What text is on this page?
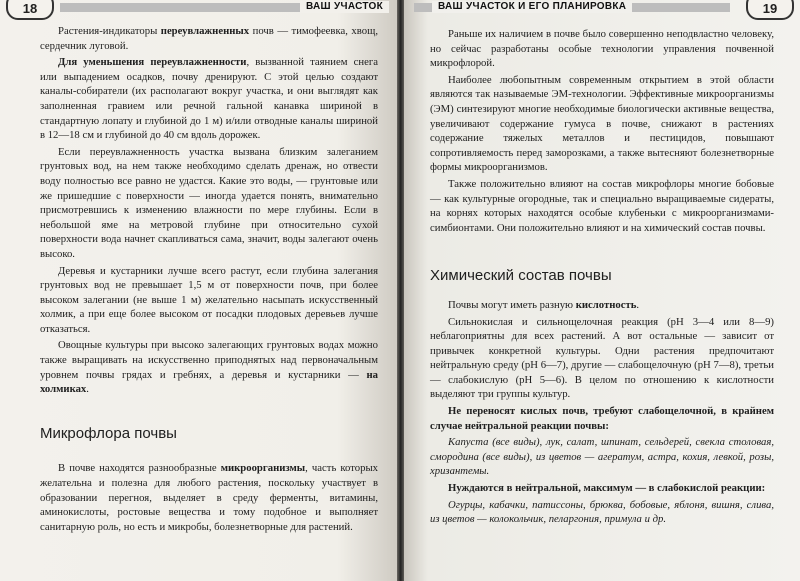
18	ВАШ УЧАСТОК

Растения-индикаторы переувлажненных почв — тимофеевка, хвощ, сердечник луговой.

Для уменьшения переувлажненности, вызванной таянием снега или выпадением осадков, почву дренируют. С этой целью создают каналы-собиратели (их располагают вокруг участка, и они выглядят как заполненная гравием или речной гальной канавка шириной в стандартную лопату и глубиной до 1 м) и/или отводные каналы шириной в 12—18 см и глубиной до 40 см вдоль дорожек.

Если переувлажненность участка вызвана близким залеганием грунтовых вод, на нем также необходимо сделать дренаж, но отвести воду полностью все равно не удастся. Какие это воды, — грунтовые или же пришедшие с поверхности — иногда удается понять, внимательно присмотревшись к изменению влажности по мере глубины. Если в небольшой яме на метровой глубине при относительно сухой поверхности вода начнет скапливаться сама, значит, воды залегают очень высоко.

Деревья и кустарники лучше всего растут, если глубина залегания грунтовых вод не превышает 1,5 м от поверхности почв, при более высоком залегании (не выше 1 м) желательно насыпать искусственный холмик, а при еще более высоком от посадки плодовых деревьев лучше отказаться.

Овощные культуры при высоко залегающих грунтовых водах можно также выращивать на искусственно приподнятых над первоначальным уровнем почвы грядах и гребнях, а деревья и кустарники — на холмиках.

Микрофлора почвы

В почве находятся разнообразные микроорганизмы, часть которых желательна и полезна для любого растения, поскольку участвует в образовании перегноя, выделяет в среду ферменты, витамины, аминокислоты, ростовые вещества и тому подобное и выполняет санитарную роль, но есть и микробы, болезнетворные для растений.

ВАШ УЧАСТОК И ЕГО ПЛАНИРОВКА	19

Раньше их наличием в почве было совершенно неподвластно человеку, но сейчас разработаны особые технологии управления почвенной микрофлорой.

Наиболее любопытным современным открытием в этой области являются так называемые ЭМ-технологии. Эффективные микроорганизмы (ЭМ) синтезируют многие необходимые биологически активные вещества, увеличивают содержание гумуса в почве, снижают в растениях содержание тяжелых металлов и пестицидов, повышают сопротивляемость перед заморозками, а также вытесняют болезнетворные формы микроорганизмов.

Также положительно влияют на состав микрофлоры многие бобовые — как культурные огородные, так и специально выращиваемые сидераты, на корнях которых находятся особые клубеньки с микроорганизмами-симбионтами. Они положительно влияют и на химический состав почвы.

Химический состав почвы

Почвы могут иметь разную кислотность.

Сильнокислая и сильнощелочная реакция (рН 3—4 или 8—9) неблагоприятны для всех растений. А вот остальные — зависит от привычек конкретной культуры. Одни растения предпочитают нейтральную среду (рН 6—7), другие — слабощелочную (рН 7—8), третьи — слабокислую (рН 5—6). В целом по отношению к кислотности выделяют три группы культур.

Не переносят кислых почв, требуют слабощелочной, в крайнем случае нейтральной реакции почвы:

Капуста (все виды), лук, салат, шпинат, сельдерей, свекла столовая, смородина (все виды), из цветов — агератум, астра, кохия, левкой, розы, хризантемы.

Нуждаются в нейтральной, максимум — в слабокислой реакции:

Огурцы, кабачки, патиссоны, брюква, бобовые, яблоня, вишня, слива, из цветов — колокольчик, пеларгония, примула и др.
